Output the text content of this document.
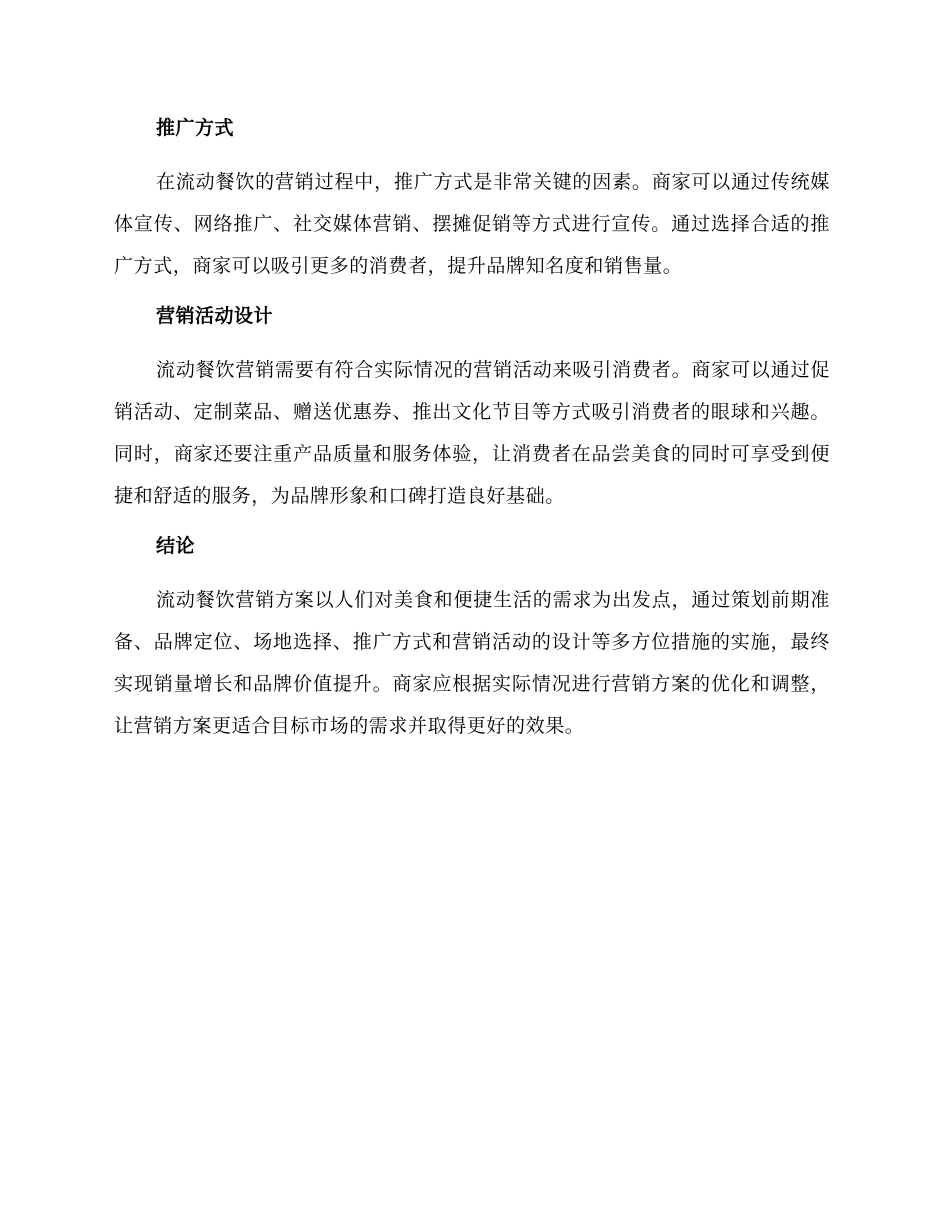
推广方式

在流动餐饮的营销过程中，推广方式是非常关键的因素。商家可以通过传统媒体宣传、网络推广、社交媒体营销、摆摊促销等方式进行宣传。通过选择合适的推广方式，商家可以吸引更多的消费者，提升品牌知名度和销售量。

营销活动设计

流动餐饮营销需要有符合实际情况的营销活动来吸引消费者。商家可以通过促销活动、定制菜品、赠送优惠券、推出文化节目等方式吸引消费者的眼球和兴趣。同时，商家还要注重产品质量和服务体验，让消费者在品尝美食的同时可享受到便捷和舒适的服务，为品牌形象和口碑打造良好基础。

结论

流动餐饮营销方案以人们对美食和便捷生活的需求为出发点，通过策划前期准备、品牌定位、场地选择、推广方式和营销活动的设计等多方位措施的实施，最终实现销量增长和品牌价值提升。商家应根据实际情况进行营销方案的优化和调整，让营销方案更适合目标市场的需求并取得更好的效果。
